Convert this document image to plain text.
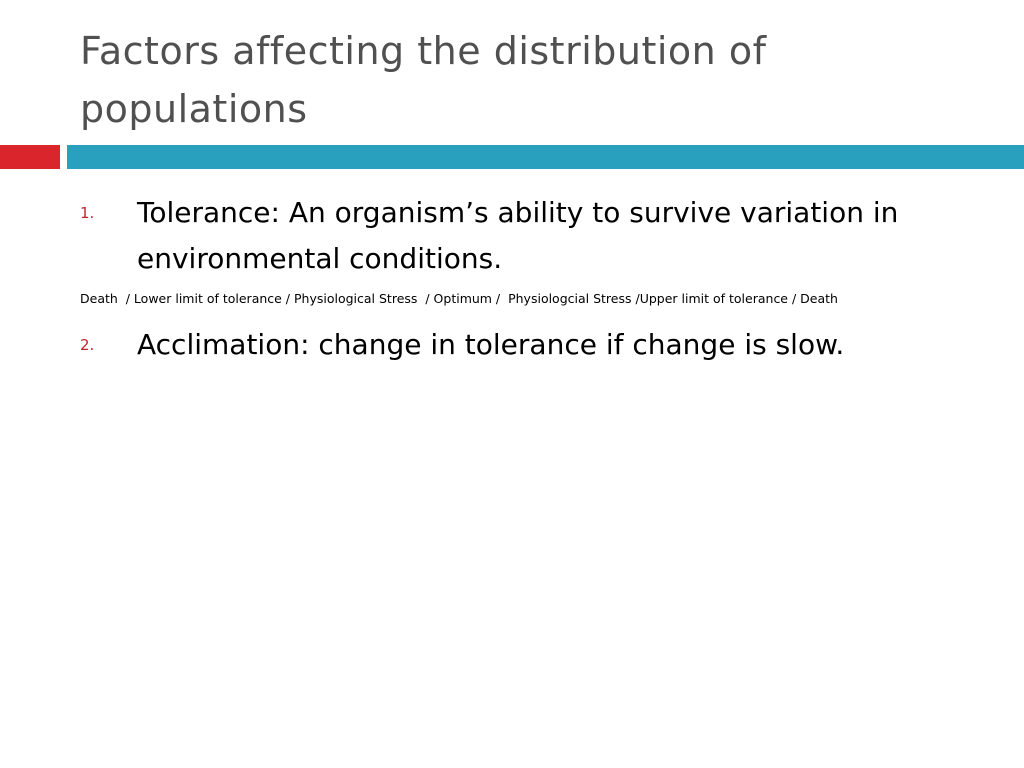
Factors affecting the distribution of populations
1. Tolerance: An organism’s ability to survive variation in environmental conditions.
Death  / Lower limit of tolerance / Physiological Stress  / Optimum /  Physiologcial Stress /Upper limit of tolerance / Death
2. Acclimation: change in tolerance if change is slow.
